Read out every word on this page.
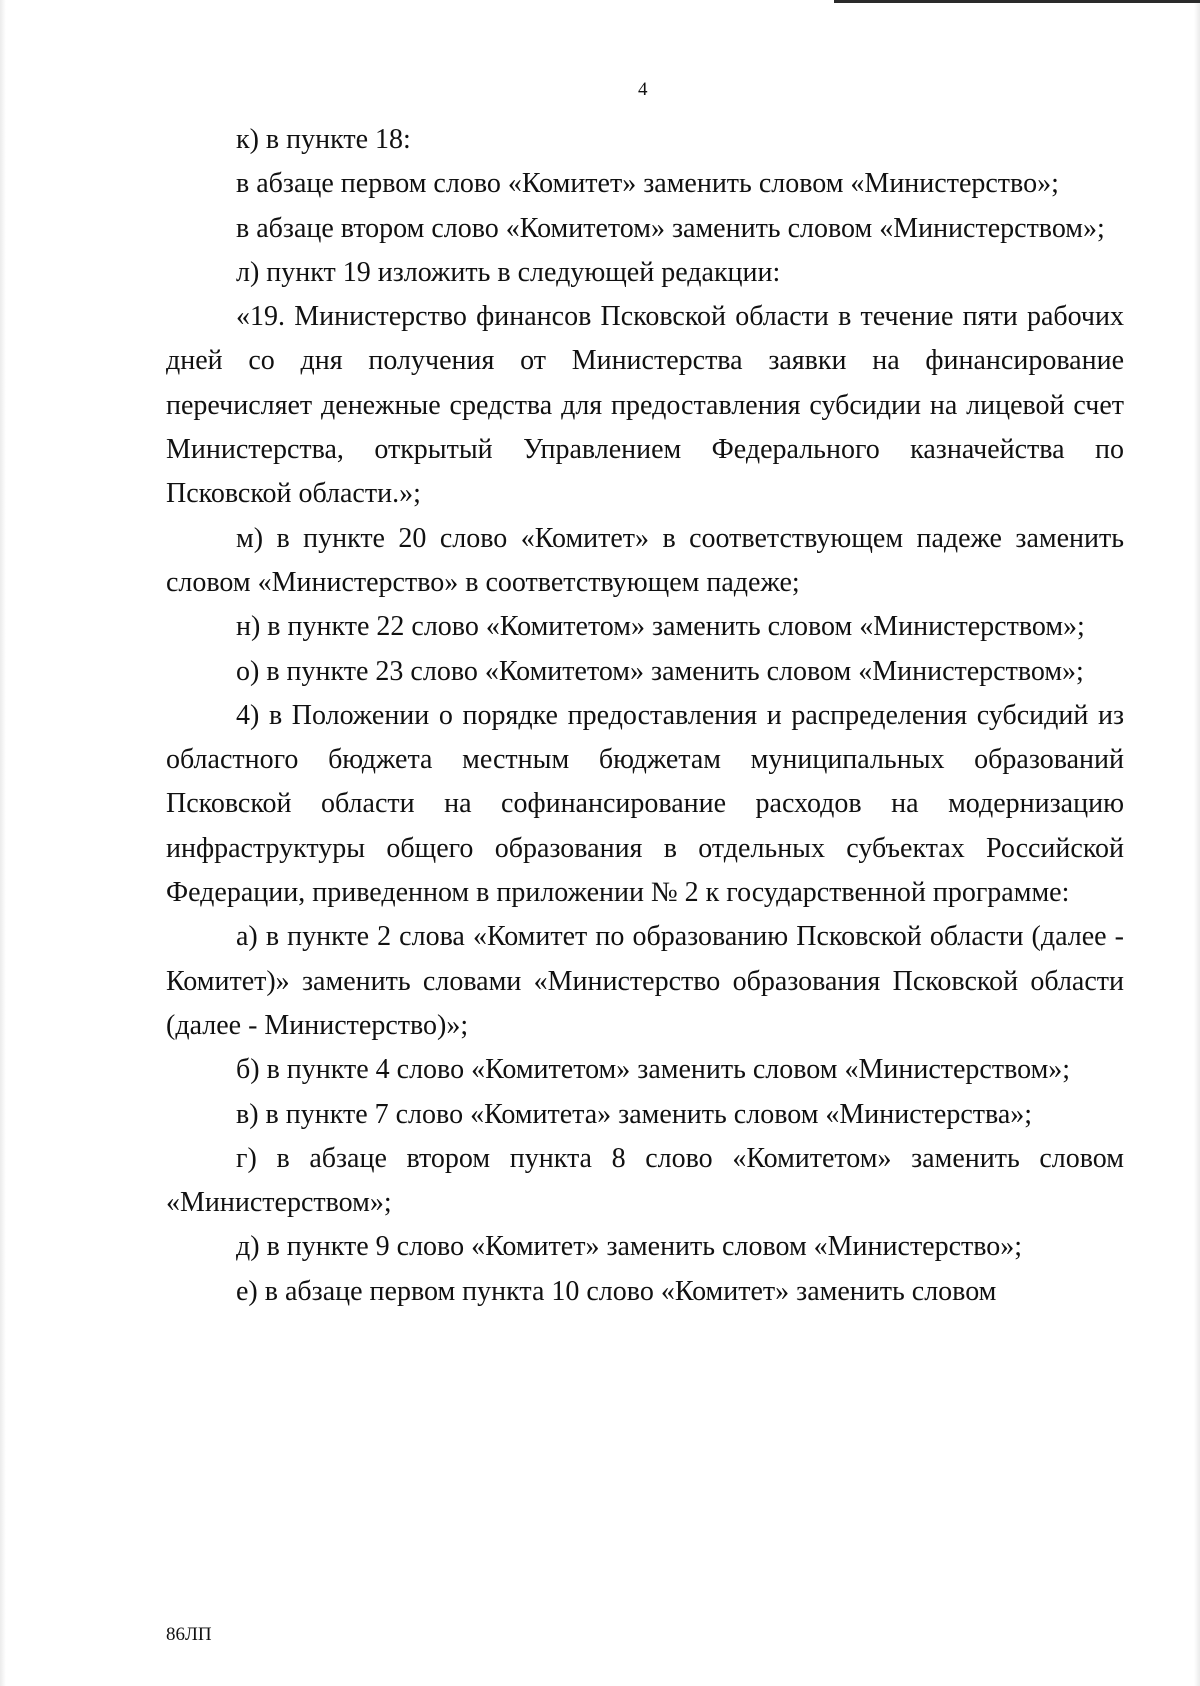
4

к) в пункте 18:

в абзаце первом слово «Комитет» заменить словом «Министерство»;

в абзаце втором слово «Комитетом» заменить словом «Министерством»;

л) пункт 19 изложить в следующей редакции:

«19. Министерство финансов Псковской области в течение пяти рабочих дней со дня получения от Министерства заявки на финансирование перечисляет денежные средства для предоставления субсидии на лицевой счет Министерства, открытый Управлением Федерального казначейства по Псковской области.»;

м) в пункте 20 слово «Комитет» в соответствующем падеже заменить словом «Министерство» в соответствующем падеже;

н) в пункте 22 слово «Комитетом» заменить словом «Министерством»;

о) в пункте 23 слово «Комитетом» заменить словом «Министерством»;

4) в Положении о порядке предоставления и распределения субсидий из областного бюджета местным бюджетам муниципальных образований Псковской области на софинансирование расходов на модернизацию инфраструктуры общего образования в отдельных субъектах Российской Федерации, приведенном в приложении № 2 к государственной программе:

а) в пункте 2 слова «Комитет по образованию Псковской области (далее - Комитет)» заменить словами «Министерство образования Псковской области (далее - Министерство)»;

б) в пункте 4 слово «Комитетом» заменить словом «Министерством»;

в) в пункте 7 слово «Комитета» заменить словом «Министерства»;

г) в абзаце втором пункта 8 слово «Комитетом» заменить словом «Министерством»;

д) в пункте 9 слово «Комитет» заменить словом «Министерство»;

е) в абзаце первом пункта 10 слово «Комитет» заменить словом

86ЛП
